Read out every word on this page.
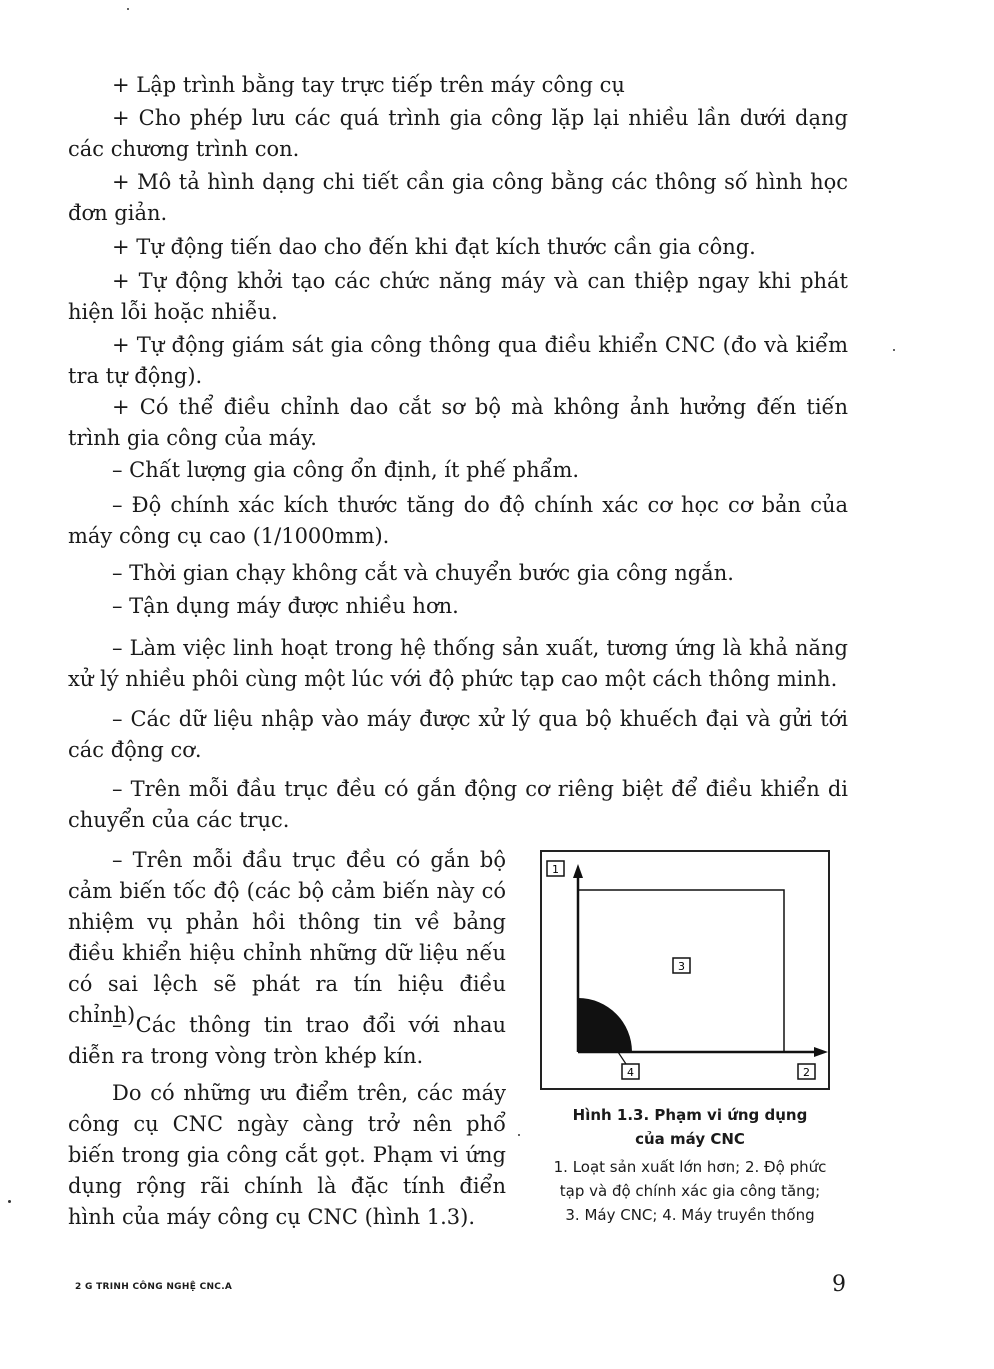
+ Lập trình bằng tay trực tiếp trên máy công cụ
+ Cho phép lưu các quá trình gia công lặp lại nhiều lần dưới dạng các chương trình con.
+ Mô tả hình dạng chi tiết cần gia công bằng các thông số hình học đơn giản.
+ Tự động tiến dao cho đến khi đạt kích thước cần gia công.
+ Tự động khởi tạo các chức năng máy và can thiệp ngay khi phát hiện lỗi hoặc nhiễu.
+ Tự động giám sát gia công thông qua điều khiển CNC (đo và kiểm tra tự động).
+ Có thể điều chỉnh dao cắt sơ bộ mà không ảnh hưởng đến tiến trình gia công của máy.
– Chất lượng gia công ổn định, ít phế phẩm.
– Độ chính xác kích thước tăng do độ chính xác cơ học cơ bản của máy công cụ cao (1/1000mm).
– Thời gian chạy không cắt và chuyển bước gia công ngắn.
– Tận dụng máy được nhiều hơn.
– Làm việc linh hoạt trong hệ thống sản xuất, tương ứng là khả năng xử lý nhiều phôi cùng một lúc với độ phức tạp cao một cách thông minh.
– Các dữ liệu nhập vào máy được xử lý qua bộ khuếch đại và gửi tới các động cơ.
– Trên mỗi đầu trục đều có gắn động cơ riêng biệt để điều khiển di chuyển của các trục.
– Trên mỗi đầu trục đều có gắn bộ cảm biến tốc độ (các bộ cảm biến này có nhiệm vụ phản hồi thông tin về bảng điều khiển hiệu chỉnh những dữ liệu nếu có sai lệch sẽ phát ra tín hiệu điều chỉnh).
– Các thông tin trao đổi với nhau diễn ra trong vòng tròn khép kín.
Do có những ưu điểm trên, các máy công cụ CNC ngày càng trở nên phổ biến trong gia công cắt gọt. Phạm vi ứng dụng rộng rãi chính là đặc tính điển hình của máy công cụ CNC (hình 1.3).
1
2
3
4
Hình 1.3. Phạm vi ứng dụng
của máy CNC
1. Loạt sản xuất lớn hơn; 2. Độ phức
tạp và độ chính xác gia công tăng;
3. Máy CNC; 4. Máy truyền thống
2 G TRINH CÔNG NGHỆ CNC.A	9
